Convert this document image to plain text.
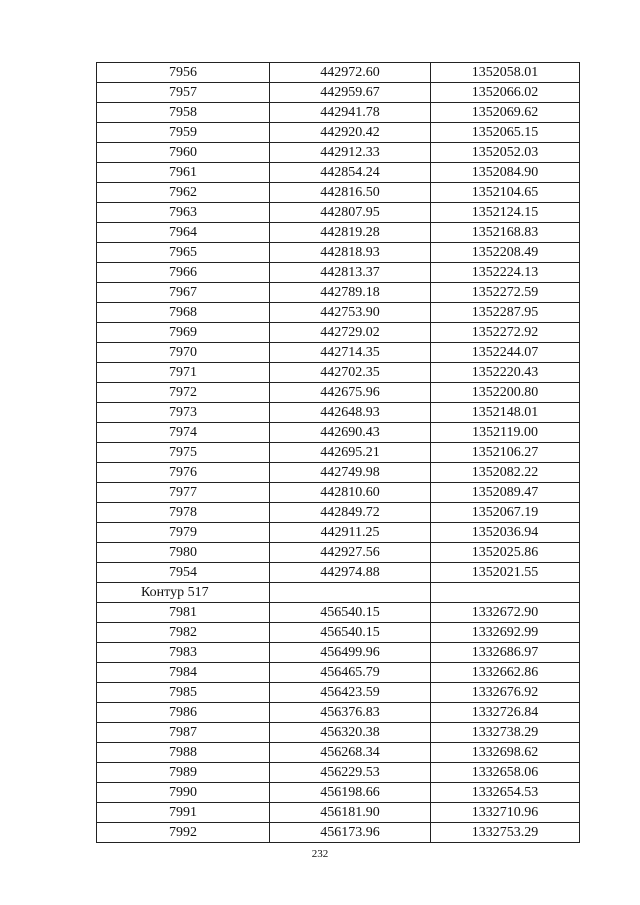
7956	442972.60	1352058.01
7957	442959.67	1352066.02
7958	442941.78	1352069.62
7959	442920.42	1352065.15
7960	442912.33	1352052.03
7961	442854.24	1352084.90
7962	442816.50	1352104.65
7963	442807.95	1352124.15
7964	442819.28	1352168.83
7965	442818.93	1352208.49
7966	442813.37	1352224.13
7967	442789.18	1352272.59
7968	442753.90	1352287.95
7969	442729.02	1352272.92
7970	442714.35	1352244.07
7971	442702.35	1352220.43
7972	442675.96	1352200.80
7973	442648.93	1352148.01
7974	442690.43	1352119.00
7975	442695.21	1352106.27
7976	442749.98	1352082.22
7977	442810.60	1352089.47
7978	442849.72	1352067.19
7979	442911.25	1352036.94
7980	442927.56	1352025.86
7954	442974.88	1352021.55
Контур 517		
7981	456540.15	1332672.90
7982	456540.15	1332692.99
7983	456499.96	1332686.97
7984	456465.79	1332662.86
7985	456423.59	1332676.92
7986	456376.83	1332726.84
7987	456320.38	1332738.29
7988	456268.34	1332698.62
7989	456229.53	1332658.06
7990	456198.66	1332654.53
7991	456181.90	1332710.96
7992	456173.96	1332753.29
232
